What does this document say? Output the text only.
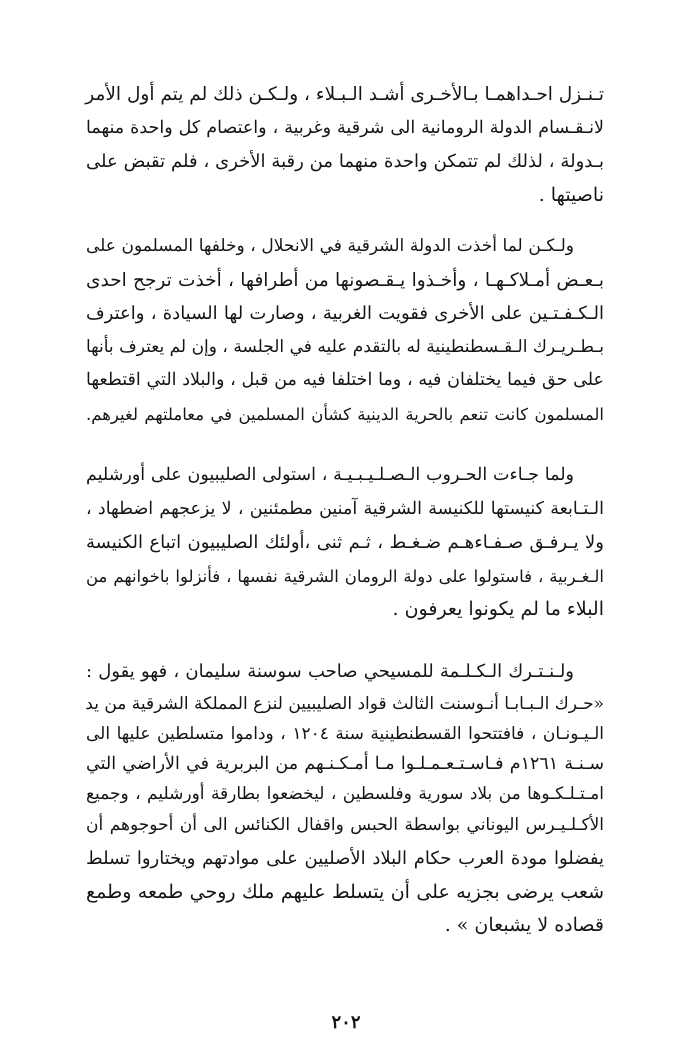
تـنـزل احـداهمـا بـالأخـرى أشـد الـبـلاء ، ولـكـن ذلك لم يتم أول الأمر
لانـقـسام الدولة الرومانية الى شرقية وغربية ، واعتصام كل واحدة منهما
بـدولة ، لذلك لم تتمكن واحدة منهما من رقبة الأخرى ، فلم تقبض على
ناصيتها .

ولـكـن لما أخذت الدولة الشرقية في الانحلال ، وخلفها المسلمون على
بـعـض أمـلاكـهـا ، وأخـذوا يـقـصونها من أطرافها ، أخذت ترجح احدى
الـكـفـتـين على الأخرى فقويت الغربية ، وصارت لها السيادة ، واعترف
بـطـريـرك الـقـسطنطينية له بالتقدم عليه في الجلسة ، وإن لم يعترف بأنها
على حق فيما يختلفان فيه ، وما اختلفا فيه من قبل ، والبلاد التي اقتطعها
المسلمون كانت تنعم بالحرية الدينية كشأن المسلمين في معاملتهم لغيرهم.

ولما جـاءت الحـروب الـصـلـيـبـيـة ، استولى الصليبيون على أورشليم
الـتـابعة كنيستها للكنيسة الشرقية آمنين مطمئنين ، لا يزعجهم اضطهاد ،
ولا يـرفـق صـفـاءهـم ضـغـط ، ثـم ثنى ،أولئك الصليبيون اتباع الكنيسة
الـغـربية ، فاستولوا على دولة الرومان الشرقية نفسها ، فأنزلوا باخوانهم من
البلاء ما لم يكونوا يعرفون .

ولـنـتـرك الـكـلـمة للمسيحي صاحب سوسنة سليمان ، فهو يقول :
«حـرك الـبـابـا أنـوسنت الثالث قواد الصليبيين لنزع المملكة الشرقية من يد
الـيـونـان ، فافتتحوا القسطنطينية سنة ١٢٠٤ ، وداموا متسلطين عليها الى
سـنـة ١٢٦١م فـاسـتـعـمـلـوا مـا أمـكـنـهم من البربرية في الأراضي التي
امـتـلـكـوها من بلاد سورية وفلسطين ، ليخضعوا بطارقة أورشليم ، وجميع
الأكـلـيـرس اليوناني بواسطة الحبس واقفال الكنائس الى أن أحوجوهم أن
يفضلوا مودة العرب حكام البلاد الأصليين على موادتهم ويختاروا تسلط
شعب يرضى بجزيه على أن يتسلط عليهم ملك روحي طمعه وطمع
قصاده لا يشبعان » .

٢٠٢
